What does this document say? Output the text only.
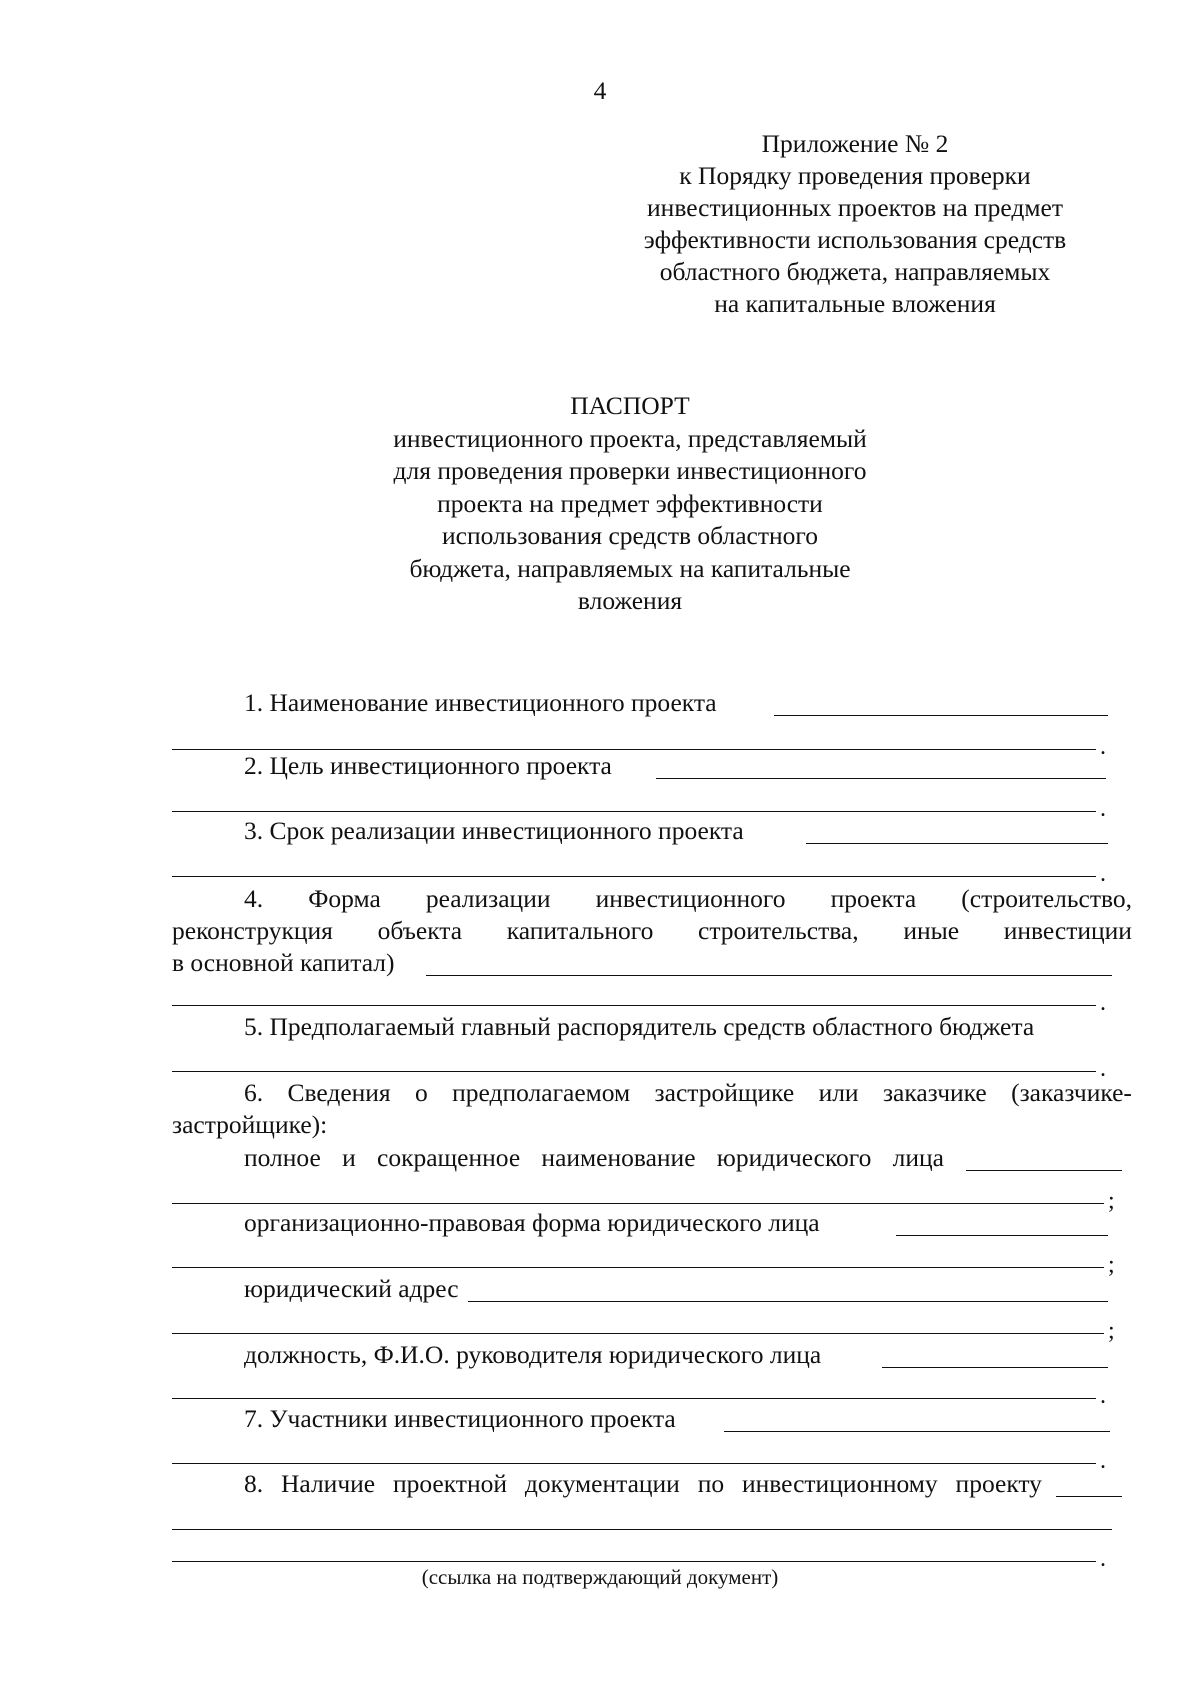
4
Приложение № 2
к Порядку проведения проверки
инвестиционных проектов на предмет
эффективности использования средств
областного бюджета, направляемых
на капитальные вложения
ПАСПОРТ
инвестиционного проекта, представляемый
для проведения проверки инвестиционного
проекта на предмет эффективности
использования средств областного
бюджета, направляемых на капитальные
вложения
1. Наименование инвестиционного проекта
.
2. Цель инвестиционного проекта
.
3. Срок реализации инвестиционного проекта
.
4. Форма реализации инвестиционного проекта (строительство,
реконструкция объекта капитального строительства, иные инвестиции
в основной капитал)
.
5. Предполагаемый главный распорядитель средств областного бюджета
.
6. Сведения о предполагаемом застройщике или заказчике (заказчике-
застройщике):
полное и сокращенное наименование юридического лица
;
организационно-правовая форма юридического лица
;
юридический адрес
;
должность, Ф.И.О. руководителя юридического лица
.
7. Участники инвестиционного проекта
.
8. Наличие проектной документации по инвестиционному проекту
.
(ссылка на подтверждающий документ)
